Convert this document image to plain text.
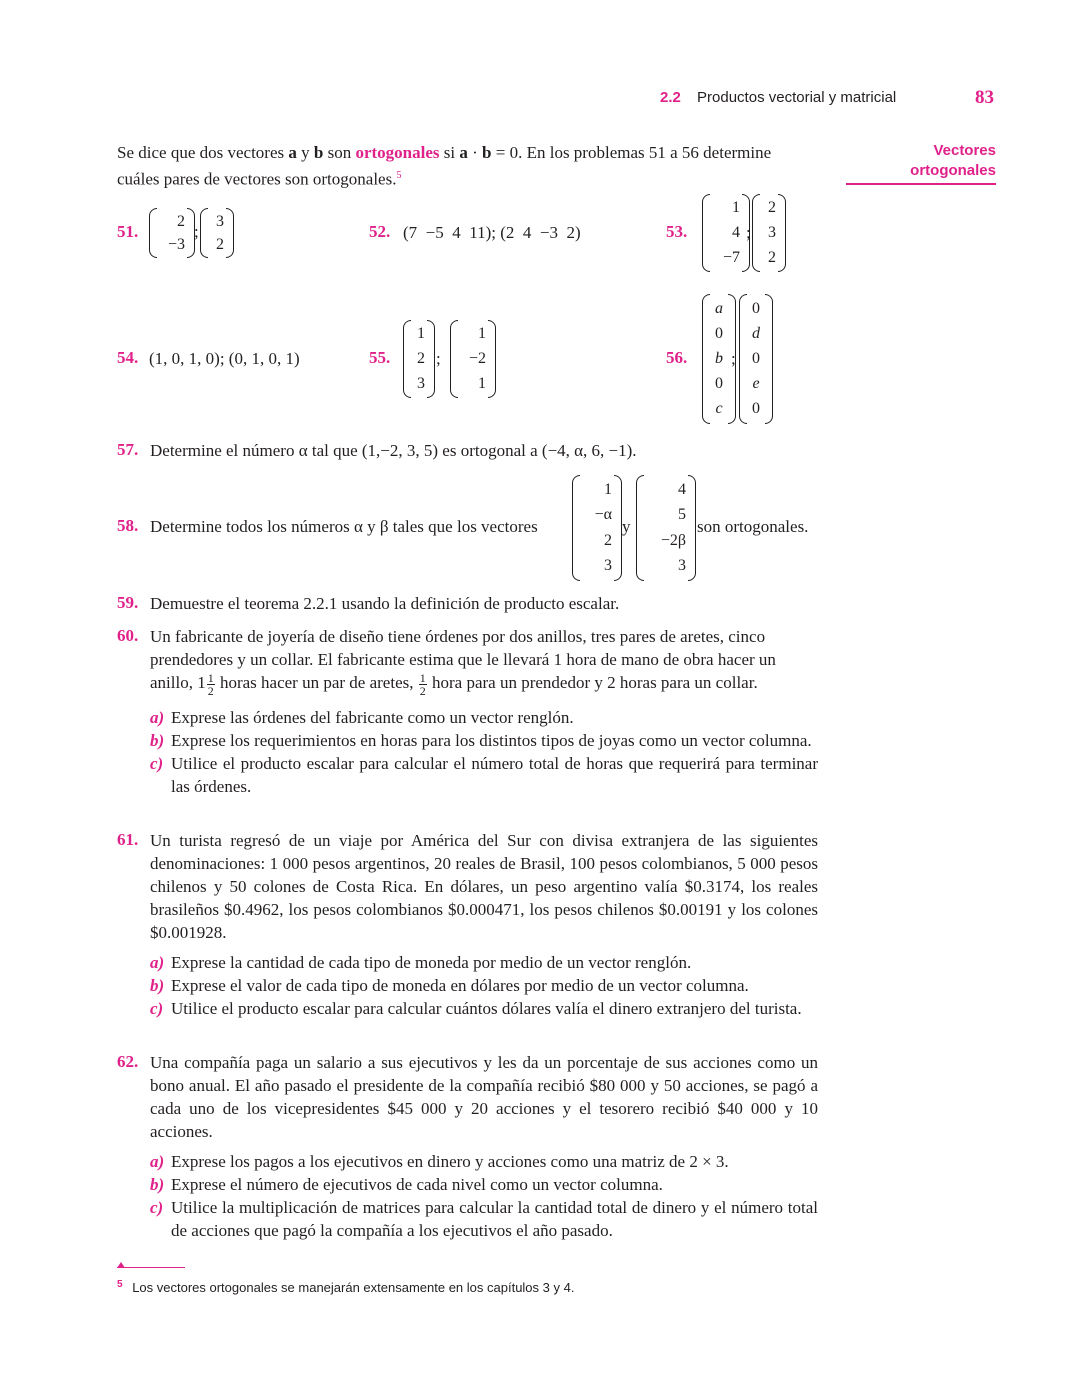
2.2 Productos vectorial y matricial	83
Vectores
ortogonales
Se dice que dos vectores a y b son ortogonales si a · b = 0. En los problemas 51 a 56 determine
cuáles pares de vectores son ortogonales.$^5$
51.
2
−3
;
3
2
52. (7  −5  4  11); (2  4  −3  2)	53.
1
4
−7
;
2
3
2
54. (1, 0, 1, 0); (0, 1, 0, 1)	55.
1
2
3
;
1
−2
1
56.
a
0
b
0
c
;
0
d
0
e
0
57. Determine el número α tal que (1,−2, 3, 5) es ortogonal a (−4, α, 6, −1).
58. Determine todos los números α y β tales que los vectores
1
−α
2
3
y
4
5
−2β
3
son ortogonales.
59. Demuestre el teorema 2.2.1 usando la definición de producto escalar.
60. Un fabricante de joyería de diseño tiene órdenes por dos anillos, tres pares de aretes, cinco
prendedores y un collar. El fabricante estima que le llevará 1 hora de mano de obra hacer un
anillo, $1 \frac{1}{2}$ horas hacer un par de aretes, $\frac{1}{2}$ hora para un prendedor y 2 horas para un collar.
a) Exprese las órdenes del fabricante como un vector renglón.
b) Exprese los requerimientos en horas para los distintos tipos de joyas como un vector columna.
c) Utilice el producto escalar para calcular el número total de horas que requerirá para terminar las órdenes.
61. Un turista regresó de un viaje por América del Sur con divisa extranjera de las siguientes denominaciones: 1 000 pesos argentinos, 20 reales de Brasil, 100 pesos colombianos, 5 000 pesos chilenos y 50 colones de Costa Rica. En dólares, un peso argentino valía $0.3174, los reales brasileños $0.4962, los pesos colombianos $0.000471, los pesos chilenos $0.00191 y los colones $0.001928.
a) Exprese la cantidad de cada tipo de moneda por medio de un vector renglón.
b) Exprese el valor de cada tipo de moneda en dólares por medio de un vector columna.
c) Utilice el producto escalar para calcular cuántos dólares valía el dinero extranjero del turista.
62. Una compañía paga un salario a sus ejecutivos y les da un porcentaje de sus acciones como un bono anual. El año pasado el presidente de la compañía recibió $80 000 y 50 acciones, se pagó a cada uno de los vicepresidentes $45 000 y 20 acciones y el tesorero recibió $40 000 y 10 acciones.
a) Exprese los pagos a los ejecutivos en dinero y acciones como una matriz de 2 × 3.
b) Exprese el número de ejecutivos de cada nivel como un vector columna.
c) Utilice la multiplicación de matrices para calcular la cantidad total de dinero y el número total de acciones que pagó la compañía a los ejecutivos el año pasado.
$^5$ Los vectores ortogonales se manejarán extensamente en los capítulos 3 y 4.
